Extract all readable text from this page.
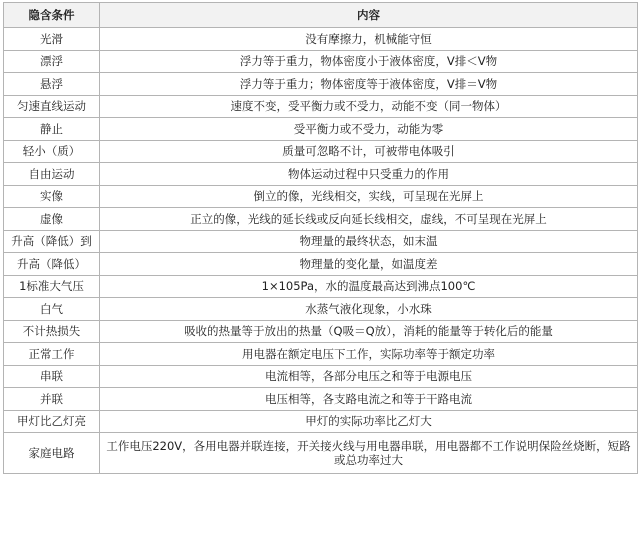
隐含条件	内容
光滑	没有摩擦力，机械能守恒
漂浮	浮力等于重力，物体密度小于液体密度，V排＜V物
悬浮	浮力等于重力；物体密度等于液体密度，V排＝V物
匀速直线运动	速度不变，受平衡力或不受力，动能不变（同一物体）
静止	受平衡力或不受力，动能为零
轻小（质）	质量可忽略不计，可被带电体吸引
自由运动	物体运动过程中只受重力的作用
实像	倒立的像，光线相交，实线，可呈现在光屏上
虚像	正立的像，光线的延长线或反向延长线相交，虚线，不可呈现在光屏上
升高（降低）到	物理量的最终状态，如末温
升高（降低）	物理量的变化量，如温度差
1标准大气压	1×105Pa，水的温度最高达到沸点100℃
白气	水蒸气液化现象，小水珠
不计热损失	吸收的热量等于放出的热量（Q吸＝Q放），消耗的能量等于转化后的能量
正常工作	用电器在额定电压下工作，实际功率等于额定功率
串联	电流相等，各部分电压之和等于电源电压
并联	电压相等，各支路电流之和等于干路电流
甲灯比乙灯亮	甲灯的实际功率比乙灯大
家庭电路	工作电压220V，各用电器并联连接，开关接火线与用电器串联，用电器都不工作说明保险丝烧断，短路或总功率过大
